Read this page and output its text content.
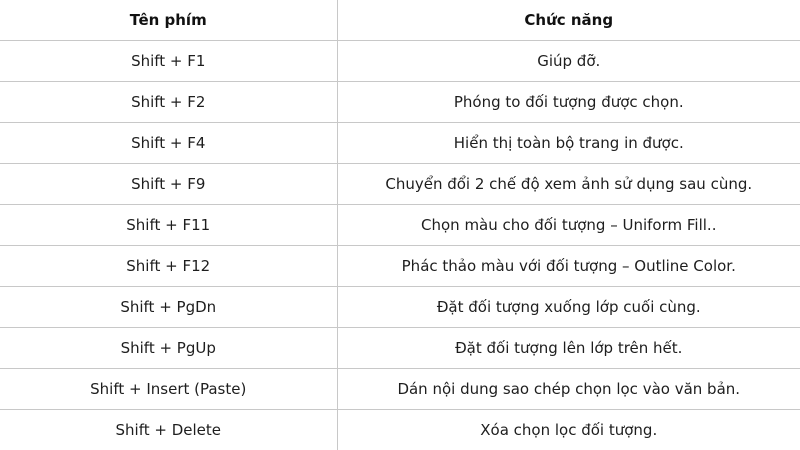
Tên phím	Chức năng
Shift + F1	Giúp đỡ.
Shift + F2	Phóng to đối tượng được chọn.
Shift + F4	Hiển thị toàn bộ trang in được.
Shift + F9	Chuyển đổi 2 chế độ xem ảnh sử dụng sau cùng.
Shift + F11	Chọn màu cho đối tượng – Uniform Fill..
Shift + F12	Phác thảo màu với đối tượng – Outline Color.
Shift + PgDn	Đặt đối tượng xuống lớp cuối cùng.
Shift + PgUp	Đặt đối tượng lên lớp trên hết.
Shift + Insert (Paste)	Dán nội dung sao chép chọn lọc vào văn bản.
Shift + Delete	Xóa chọn lọc đối tượng.
